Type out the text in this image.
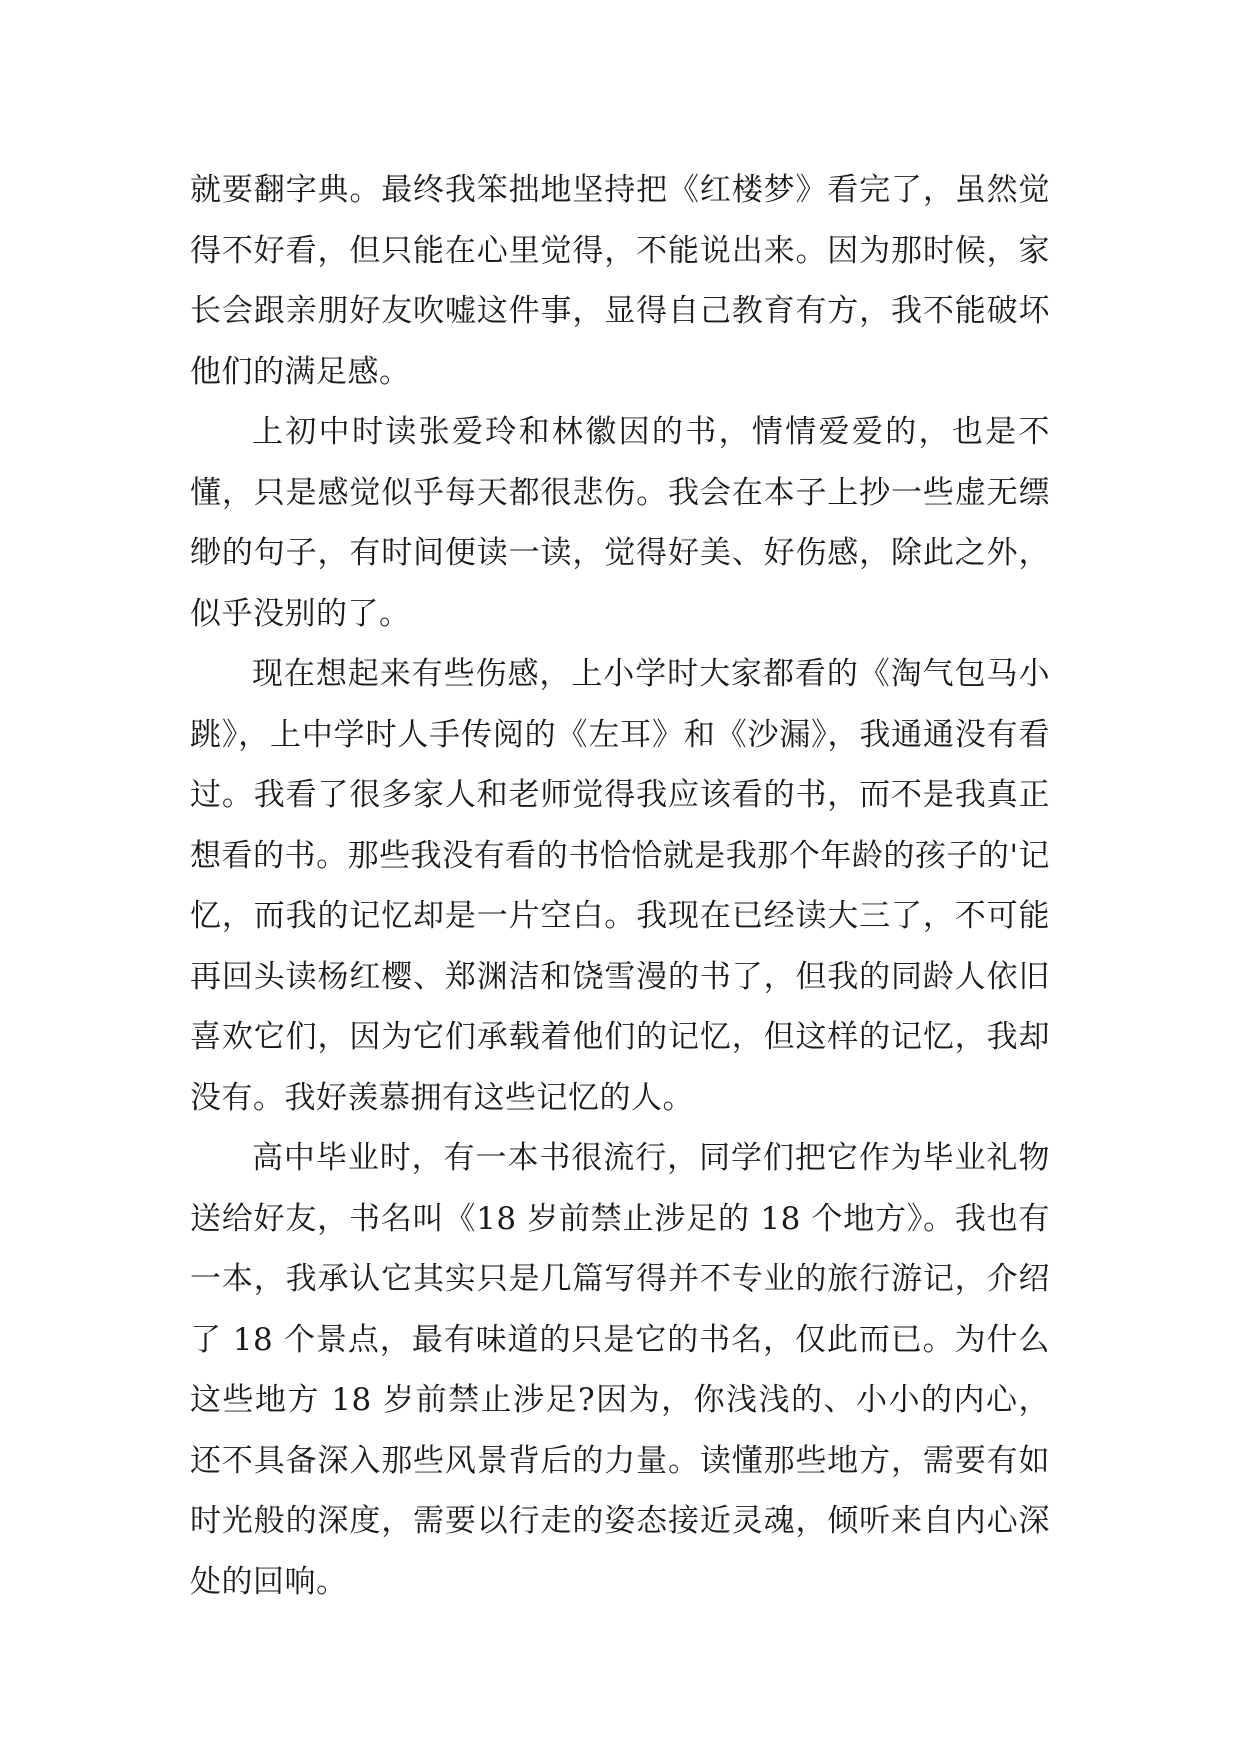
就要翻字典。最终我笨拙地坚持把《红楼梦》看完了，虽然觉得不好看，但只能在心里觉得，不能说出来。因为那时候，家长会跟亲朋好友吹嘘这件事，显得自己教育有方，我不能破坏他们的满足感。

上初中时读张爱玲和林徽因的书，情情爱爱的，也是不懂，只是感觉似乎每天都很悲伤。我会在本子上抄一些虚无缥缈的句子，有时间便读一读，觉得好美、好伤感，除此之外，似乎没别的了。

现在想起来有些伤感，上小学时大家都看的《淘气包马小跳》，上中学时人手传阅的《左耳》和《沙漏》，我通通没有看过。我看了很多家人和老师觉得我应该看的书，而不是我真正想看的书。那些我没有看的书恰恰就是我那个年龄的孩子的'记忆，而我的记忆却是一片空白。我现在已经读大三了，不可能再回头读杨红樱、郑渊洁和饶雪漫的书了，但我的同龄人依旧喜欢它们，因为它们承载着他们的记忆，但这样的记忆，我却没有。我好羡慕拥有这些记忆的人。

高中毕业时，有一本书很流行，同学们把它作为毕业礼物送给好友，书名叫《18 岁前禁止涉足的 18 个地方》。我也有一本，我承认它其实只是几篇写得并不专业的旅行游记，介绍了 18 个景点，最有味道的只是它的书名，仅此而已。为什么这些地方 18 岁前禁止涉足?因为，你浅浅的、小小的内心，还不具备深入那些风景背后的力量。读懂那些地方，需要有如时光般的深度，需要以行走的姿态接近灵魂，倾听来自内心深处的回响。
